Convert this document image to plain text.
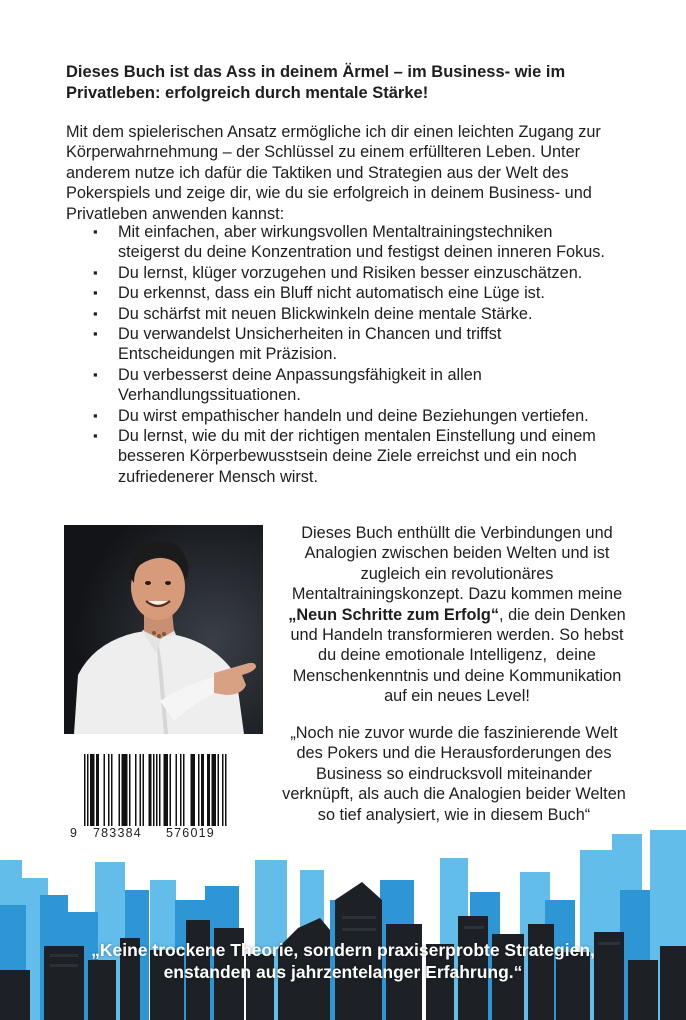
Dieses Buch ist das Ass in deinem Ärmel – im Business- wie im
Privatleben: erfolgreich durch mentale Stärke!

Mit dem spielerischen Ansatz ermögliche ich dir einen leichten Zugang zur
Körperwahrnehmung – der Schlüssel zu einem erfüllteren Leben. Unter
anderem nutze ich dafür die Taktiken und Strategien aus der Welt des
Pokerspiels und zeige dir, wie du sie erfolgreich in deinem Business- und
Privatleben anwenden kannst:

▪ Mit einfachen, aber wirkungsvollen Mentaltrainingstechniken
steigerst du deine Konzentration und festigst deinen inneren Fokus.
▪ Du lernst, klüger vorzugehen und Risiken besser einzuschätzen.
▪ Du erkennst, dass ein Bluff nicht automatisch eine Lüge ist.
▪ Du schärfst mit neuen Blickwinkeln deine mentale Stärke.
▪ Du verwandelst Unsicherheiten in Chancen und triffst
Entscheidungen mit Präzision.
▪ Du verbesserst deine Anpassungsfähigkeit in allen
Verhandlungssituationen.
▪ Du wirst empathischer handeln und deine Beziehungen vertiefen.
▪ Du lernst, wie du mit der richtigen mentalen Einstellung und einem
besseren Körperbewusstsein deine Ziele erreichst und ein noch
zufriedenerer Mensch wirst.
9 783384 576019

Dieses Buch enthüllt die Verbindungen und
Analogien zwischen beiden Welten und ist
zugleich ein revolutionäres
Mentaltrainingskonzept. Dazu kommen meine
„Neun Schritte zum Erfolg“, die dein Denken
und Handeln transformieren werden. So hebst
du deine emotionale Intelligenz,  deine
Menschenkenntnis und deine Kommunikation
auf ein neues Level!

„Noch nie zuvor wurde die faszinierende Welt
des Pokers und die Herausforderungen des
Business so eindrucksvoll miteinander
verknüpft, als auch die Analogien beider Welten
so tief analysiert, wie in diesem Buch“

„Keine trockene Theorie, sondern praxiserprobte Strategien,
enstanden aus jahrzentelanger Erfahrung.“
